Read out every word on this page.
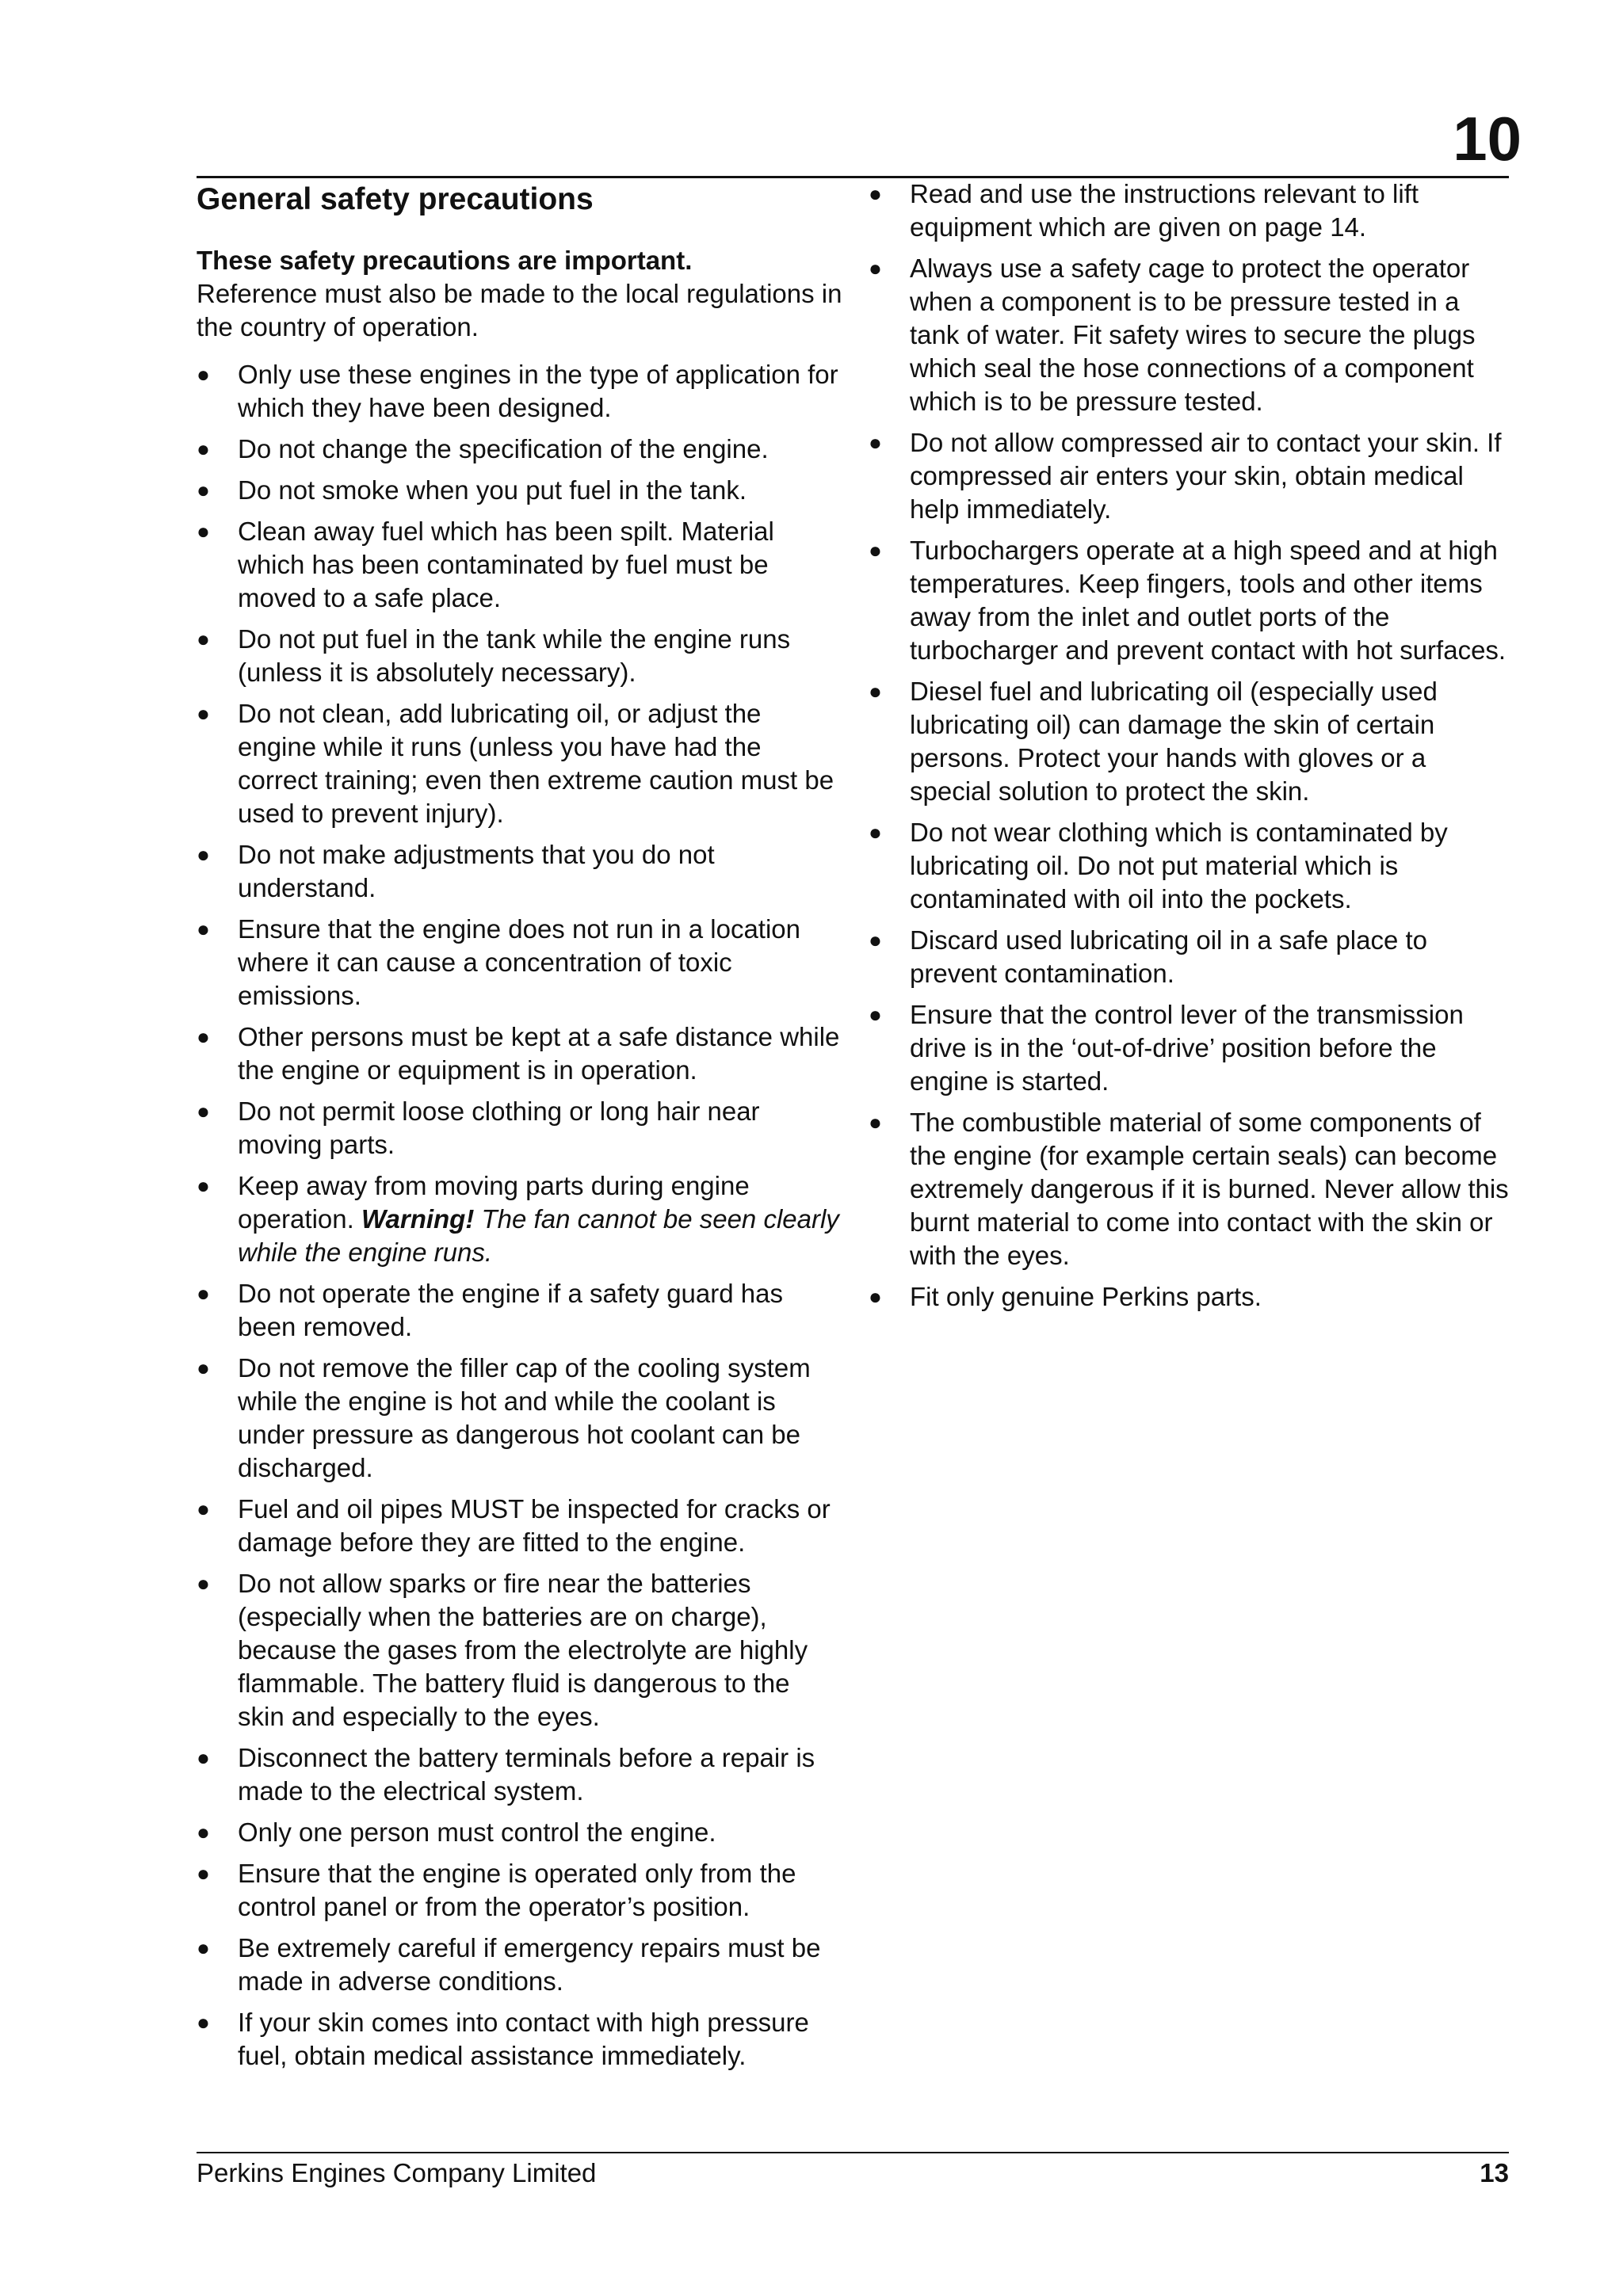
10
General safety precautions
These safety precautions are important.
Reference must also be made to the local regulations in the country of operation.
● Only use these engines in the type of application for which they have been designed.
● Do not change the specification of the engine.
● Do not smoke when you put fuel in the tank.
● Clean away fuel which has been spilt. Material which has been contaminated by fuel must be moved to a safe place.
● Do not put fuel in the tank while the engine runs (unless it is absolutely necessary).
● Do not clean, add lubricating oil, or adjust the engine while it runs (unless you have had the correct training; even then extreme caution must be used to prevent injury).
● Do not make adjustments that you do not understand.
● Ensure that the engine does not run in a location where it can cause a concentration of toxic emissions.
● Other persons must be kept at a safe distance while the engine or equipment is in operation.
● Do not permit loose clothing or long hair near moving parts.
● Keep away from moving parts during engine operation. Warning! The fan cannot be seen clearly while the engine runs.
● Do not operate the engine if a safety guard has been removed.
● Do not remove the filler cap of the cooling system while the engine is hot and while the coolant is under pressure as dangerous hot coolant can be discharged.
● Fuel and oil pipes MUST be inspected for cracks or damage before they are fitted to the engine.
● Do not allow sparks or fire near the batteries (especially when the batteries are on charge), because the gases from the electrolyte are highly flammable. The battery fluid is dangerous to the skin and especially to the eyes.
● Disconnect the battery terminals before a repair is made to the electrical system.
● Only one person must control the engine.
● Ensure that the engine is operated only from the control panel or from the operator’s position.
● Be extremely careful if emergency repairs must be made in adverse conditions.
● If your skin comes into contact with high pressure fuel, obtain medical assistance immediately.
● Read and use the instructions relevant to lift equipment which are given on page 14.
● Always use a safety cage to protect the operator when a component is to be pressure tested in a tank of water. Fit safety wires to secure the plugs which seal the hose connections of a component which is to be pressure tested.
● Do not allow compressed air to contact your skin. If compressed air enters your skin, obtain medical help immediately.
● Turbochargers operate at a high speed and at high temperatures. Keep fingers, tools and other items away from the inlet and outlet ports of the turbocharger and prevent contact with hot surfaces.
● Diesel fuel and lubricating oil (especially used lubricating oil) can damage the skin of certain persons. Protect your hands with gloves or a special solution to protect the skin.
● Do not wear clothing which is contaminated by lubricating oil. Do not put material which is contaminated with oil into the pockets.
● Discard used lubricating oil in a safe place to prevent contamination.
● Ensure that the control lever of the transmission drive is in the ‘out-of-drive’ position before the engine is started.
● The combustible material of some components of the engine (for example certain seals) can become extremely dangerous if it is burned. Never allow this burnt material to come into contact with the skin or with the eyes.
● Fit only genuine Perkins parts.
Perkins Engines Company Limited	13
